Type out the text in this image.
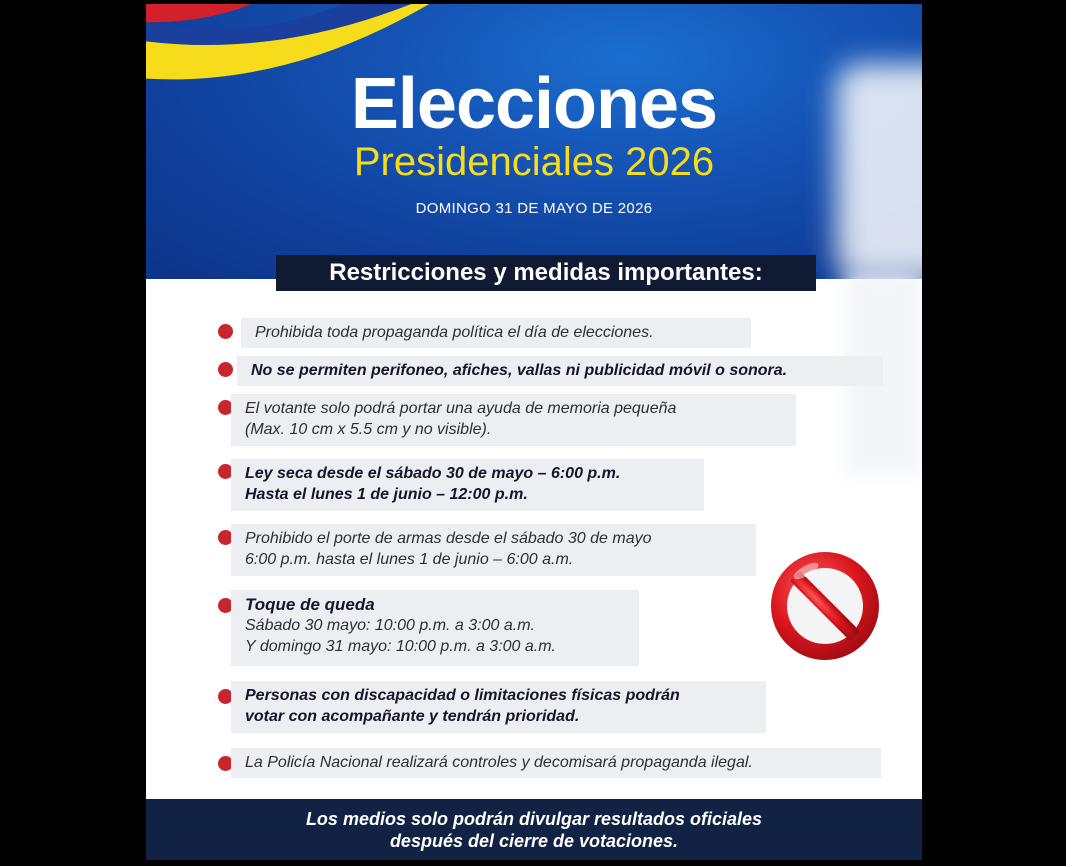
Elecciones
Presidenciales 2026
DOMINGO 31 DE MAYO DE 2026
Restricciones y medidas importantes:
Prohibida toda propaganda política el día de elecciones.
No se permiten perifoneo, afiches, vallas ni publicidad móvil o sonora.
El votante solo podrá portar una ayuda de memoria pequeña
(Max. 10 cm x 5.5 cm y no visible).
Ley seca desde el sábado 30 de mayo – 6:00 p.m.
Hasta el lunes 1 de junio – 12:00 p.m.
Prohibido el porte de armas desde el sábado 30 de mayo
6:00 p.m. hasta el lunes 1 de junio – 6:00 a.m.
Toque de queda
Sábado 30 mayo: 10:00 p.m. a 3:00 a.m.
Y domingo 31 mayo: 10:00 p.m. a 3:00 a.m.
Personas con discapacidad o limitaciones físicas podrán
votar con acompañante y tendrán prioridad.
La Policía Nacional realizará controles y decomisará propaganda ilegal.
Los medios solo podrán divulgar resultados oficiales
después del cierre de votaciones.
